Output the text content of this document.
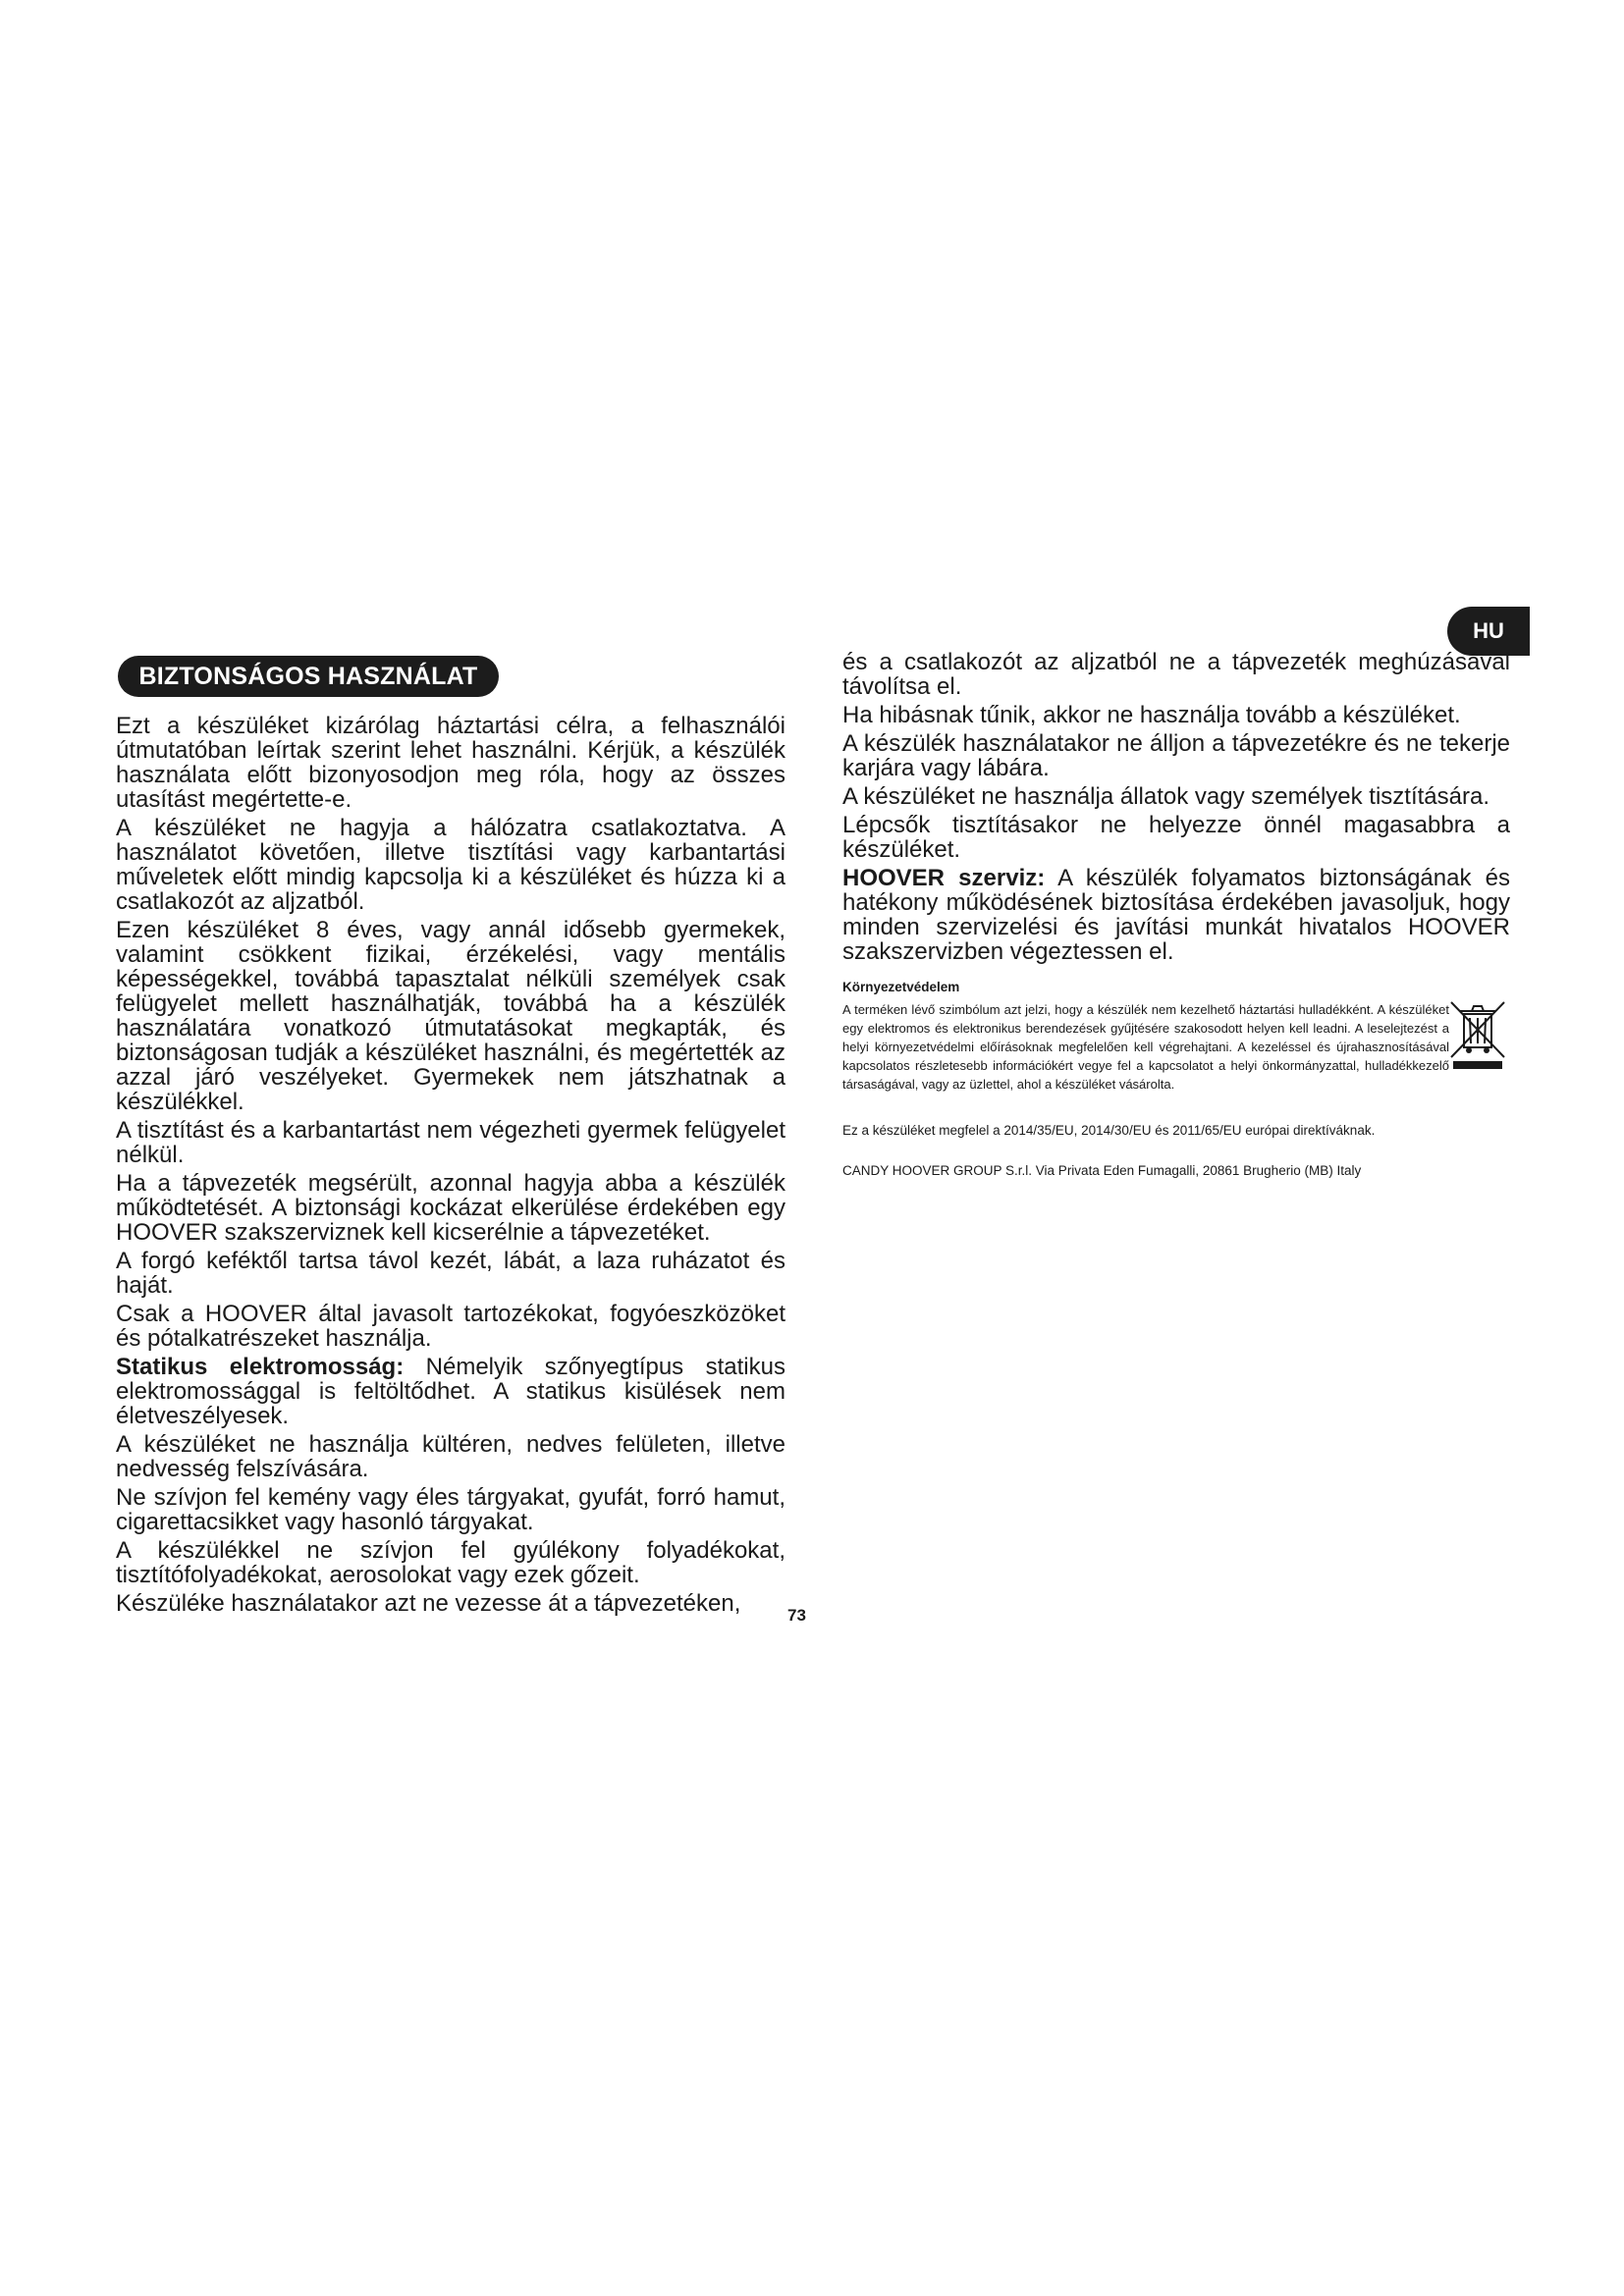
HU
BIZTONSÁGOS HASZNÁLAT

Ezt a készüléket kizárólag háztartási célra, a felhasználói útmutatóban leírtak szerint lehet használni. Kérjük, a készülék használata előtt bizonyosodjon meg róla, hogy az összes utasítást megértette-e.

A készüléket ne hagyja a hálózatra csatlakoztatva. A használatot követően, illetve tisztítási vagy karbantartási műveletek előtt mindig kapcsolja ki a készüléket és húzza ki a csatlakozót az aljzatból.

Ezen készüléket 8 éves, vagy annál idősebb gyermekek, valamint csökkent fizikai, érzékelési, vagy mentális képességekkel, továbbá tapasztalat nélküli személyek csak felügyelet mellett használhatják, továbbá ha a készülék használatára vonatkozó útmutatásokat megkapták, és biztonságosan tudják a készüléket használni, és megértették az azzal járó veszélyeket. Gyermekek nem játszhatnak a készülékkel.

A tisztítást és a karbantartást nem végezheti gyermek felügyelet nélkül.

Ha a tápvezeték megsérült, azonnal hagyja abba a készülék működtetését. A biztonsági kockázat elkerülése érdekében egy HOOVER szakszerviznek kell kicserélnie a tápvezetéket.

A forgó keféktől tartsa távol kezét, lábát, a laza ruházatot és haját.

Csak a HOOVER által javasolt tartozékokat, fogyóeszközöket és pótalkatrészeket használja.

Statikus elektromosság: Némelyik szőnyegtípus statikus elektromossággal is feltöltődhet. A statikus kisülések nem életveszélyesek.

A készüléket ne használja kültéren, nedves felületen, illetve nedvesség felszívására.

Ne szívjon fel kemény vagy éles tárgyakat, gyufát, forró hamut, cigarettacsikket vagy hasonló tárgyakat.

A készülékkel ne szívjon fel gyúlékony folyadékokat, tisztítófolyadékokat, aerosolokat vagy ezek gőzeit.

Készüléke használatakor azt ne vezesse át a tápvezetéken,

és a csatlakozót az aljzatból ne a tápvezeték meghúzásával távolítsa el.

Ha hibásnak tűnik, akkor ne használja tovább a készüléket.

A készülék használatakor ne álljon a tápvezetékre és ne tekerje karjára vagy lábára.

A készüléket ne használja állatok vagy személyek tisztítására.

Lépcsők tisztításakor ne helyezze önnél magasabbra a készüléket.

HOOVER szerviz: A készülék folyamatos biztonságának és hatékony működésének biztosítása érdekében javasoljuk, hogy minden szervizelési és javítási munkát hivatalos HOOVER szakszervizben végeztessen el.

Környezetvédelem

A terméken lévő szimbólum azt jelzi, hogy a készülék nem kezelhető háztartási hulladékként. A készüléket egy elektromos és elektronikus berendezések gyűjtésére szakosodott helyen kell leadni. A leselejtezést a helyi környezetvédelmi előírásoknak megfelelően kell végrehajtani. A kezeléssel és újrahasznosításával kapcsolatos részletesebb információkért vegye fel a kapcsolatot a helyi önkormányzattal, hulladékkezelő társaságával, vagy az üzlettel, ahol a készüléket vásárolta.

Ez a készüléket megfelel a 2014/35/EU, 2014/30/EU és 2011/65/EU európai direktíváknak.

CANDY HOOVER GROUP S.r.l. Via Privata Eden Fumagalli, 20861 Brugherio (MB) Italy

73
